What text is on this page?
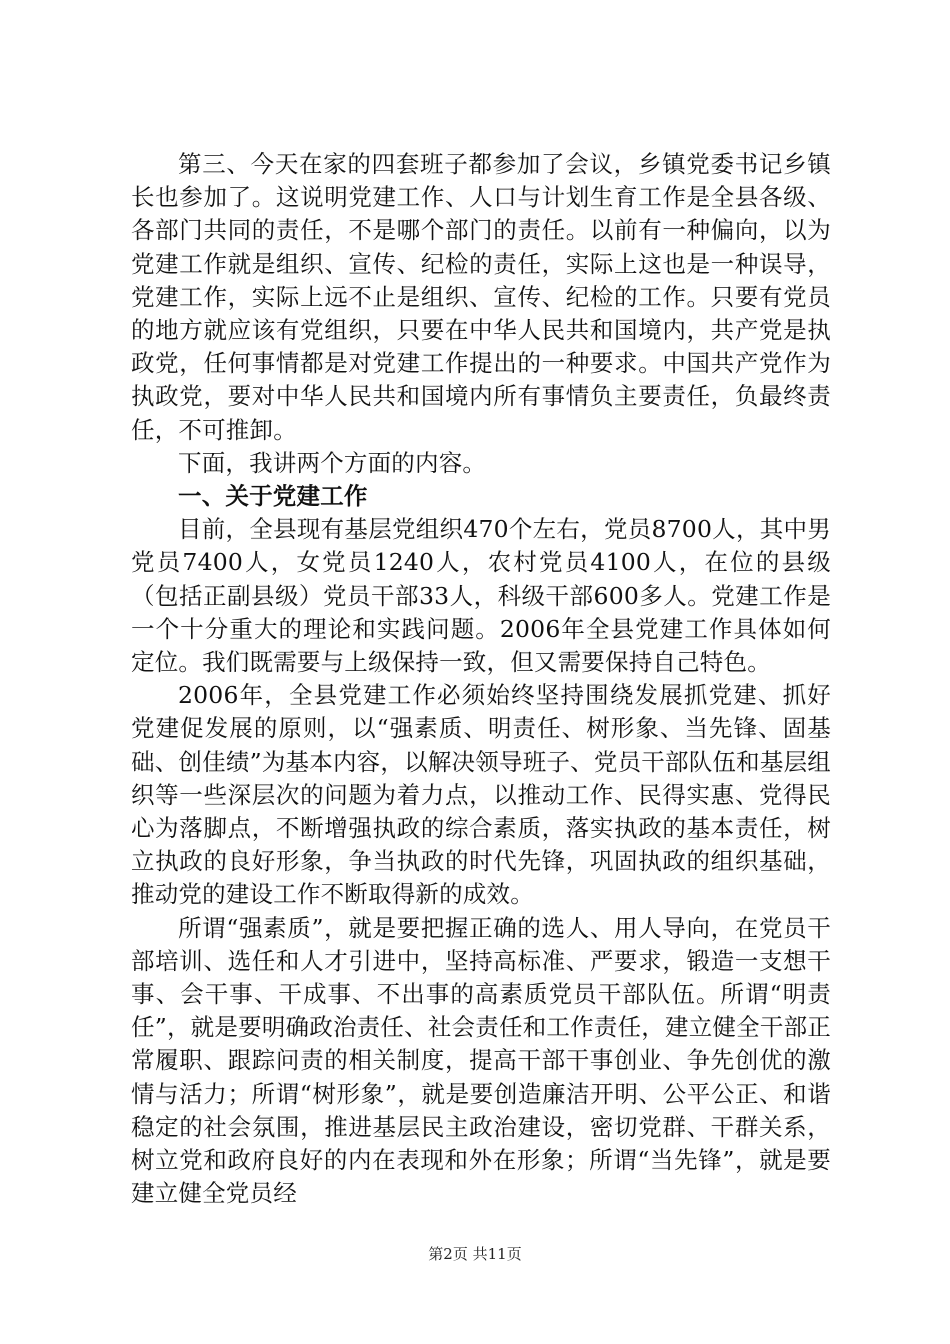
第三、今天在家的四套班子都参加了会议，乡镇党委书记乡镇长也参加了。这说明党建工作、人口与计划生育工作是全县各级、各部门共同的责任，不是哪个部门的责任。以前有一种偏向，以为党建工作就是组织、宣传、纪检的责任，实际上这也是一种误导，党建工作，实际上远不止是组织、宣传、纪检的工作。只要有党员的地方就应该有党组织，只要在中华人民共和国境内，共产党是执政党，任何事情都是对党建工作提出的一种要求。中国共产党作为执政党，要对中华人民共和国境内所有事情负主要责任，负最终责任，不可推卸。

下面，我讲两个方面的内容。

一、关于党建工作

目前，全县现有基层党组织470个左右，党员8700人，其中男党员7400人，女党员1240人，农村党员4100人，在位的县级（包括正副县级）党员干部33人，科级干部600多人。党建工作是一个十分重大的理论和实践问题。2006年全县党建工作具体如何定位。我们既需要与上级保持一致，但又需要保持自己特色。

2006年，全县党建工作必须始终坚持围绕发展抓党建、抓好党建促发展的原则，以“强素质、明责任、树形象、当先锋、固基础、创佳绩”为基本内容，以解决领导班子、党员干部队伍和基层组织等一些深层次的问题为着力点，以推动工作、民得实惠、党得民心为落脚点，不断增强执政的综合素质，落实执政的基本责任，树立执政的良好形象，争当执政的时代先锋，巩固执政的组织基础，推动党的建设工作不断取得新的成效。

所谓“强素质”，就是要把握正确的选人、用人导向，在党员干部培训、选任和人才引进中，坚持高标准、严要求，锻造一支想干事、会干事、干成事、不出事的高素质党员干部队伍。所谓“明责任”，就是要明确政治责任、社会责任和工作责任，建立健全干部正常履职、跟踪问责的相关制度，提高干部干事创业、争先创优的激情与活力；所谓“树形象”，就是要创造廉洁开明、公平公正、和谐稳定的社会氛围，推进基层民主政治建设，密切党群、干群关系，树立党和政府良好的内在表现和外在形象；所谓“当先锋”，就是要建立健全党员经

第2页 共11页
